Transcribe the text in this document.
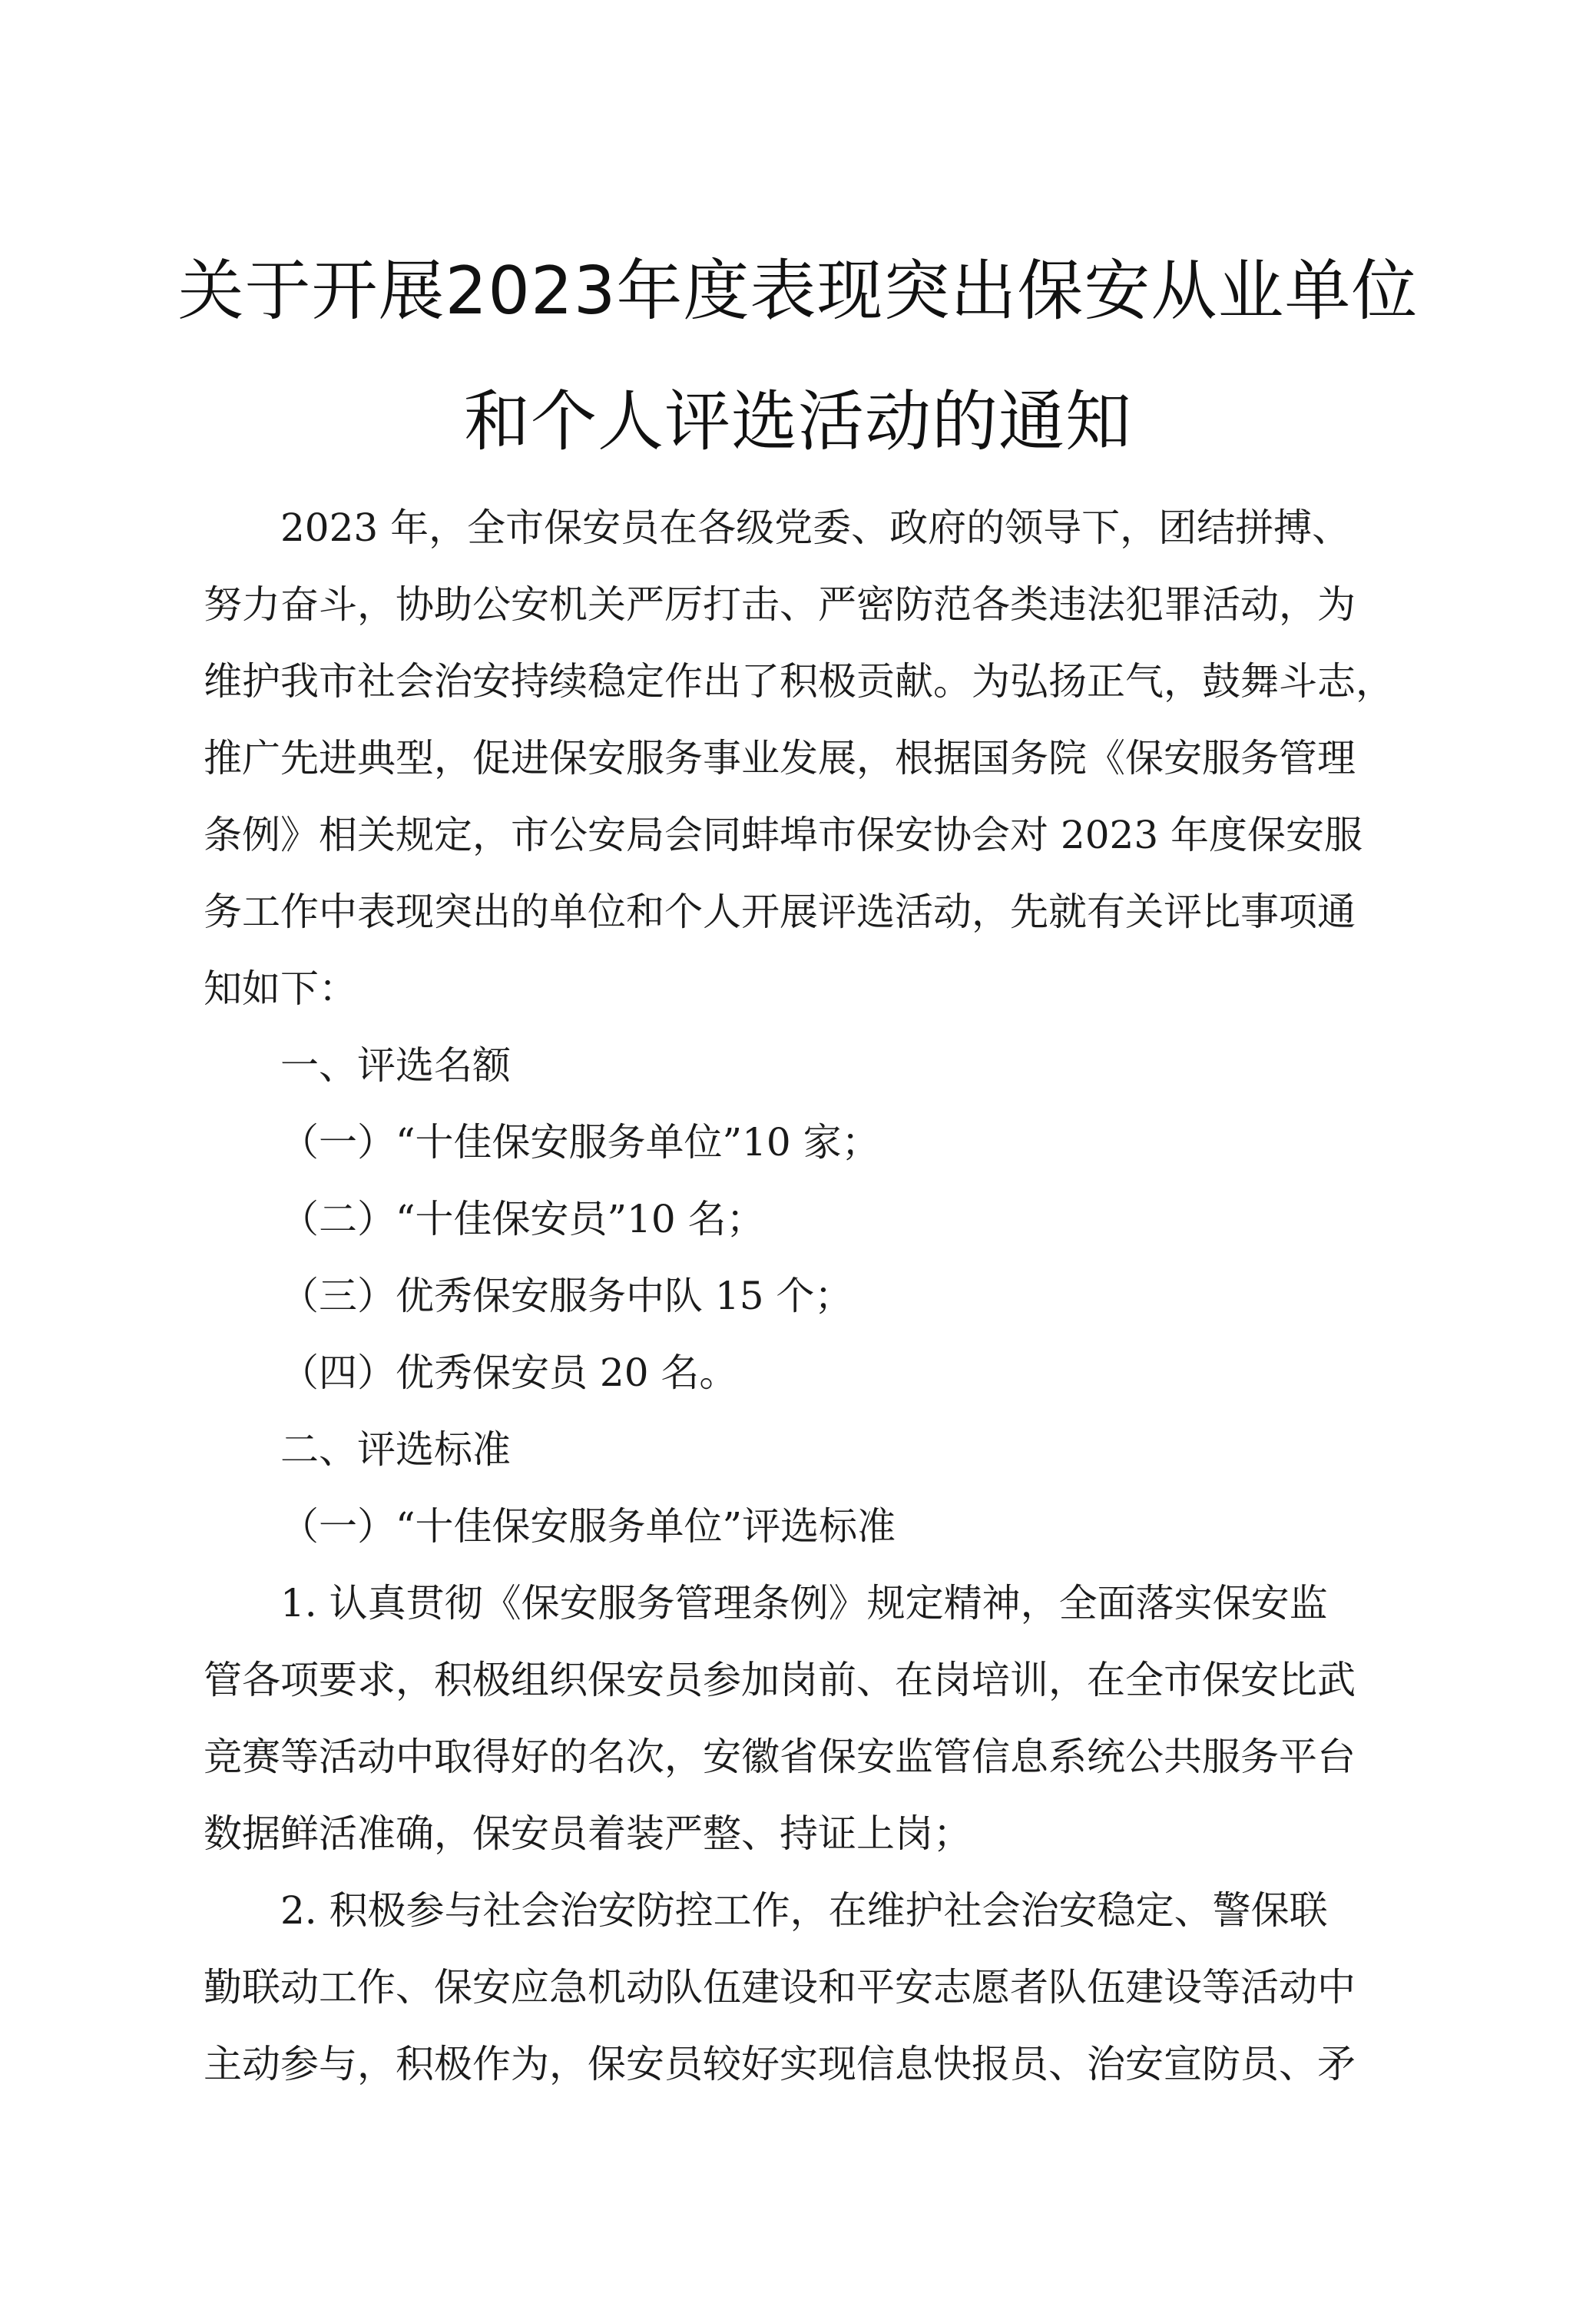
关于开展2023年度表现突出保安从业单位
和个人评选活动的通知
2023 年，全市保安员在各级党委、政府的领导下，团结拼搏、
努力奋斗，协助公安机关严厉打击、严密防范各类违法犯罪活动，为
维护我市社会治安持续稳定作出了积极贡献。为弘扬正气，鼓舞斗志，
推广先进典型，促进保安服务事业发展，根据国务院《保安服务管理
条例》相关规定，市公安局会同蚌埠市保安协会对 2023 年度保安服
务工作中表现突出的单位和个人开展评选活动，先就有关评比事项通
知如下：
一、评选名额
（一）“十佳保安服务单位”10 家；
（二）“十佳保安员”10 名；
（三）优秀保安服务中队 15 个；
（四）优秀保安员 20 名。
二、评选标准
（一）“十佳保安服务单位”评选标准
1. 认真贯彻《保安服务管理条例》规定精神，全面落实保安监
管各项要求，积极组织保安员参加岗前、在岗培训，在全市保安比武
竞赛等活动中取得好的名次，安徽省保安监管信息系统公共服务平台
数据鲜活准确，保安员着装严整、持证上岗；
2. 积极参与社会治安防控工作，在维护社会治安稳定、警保联
勤联动工作、保安应急机动队伍建设和平安志愿者队伍建设等活动中
主动参与，积极作为，保安员较好实现信息快报员、治安宣防员、矛
